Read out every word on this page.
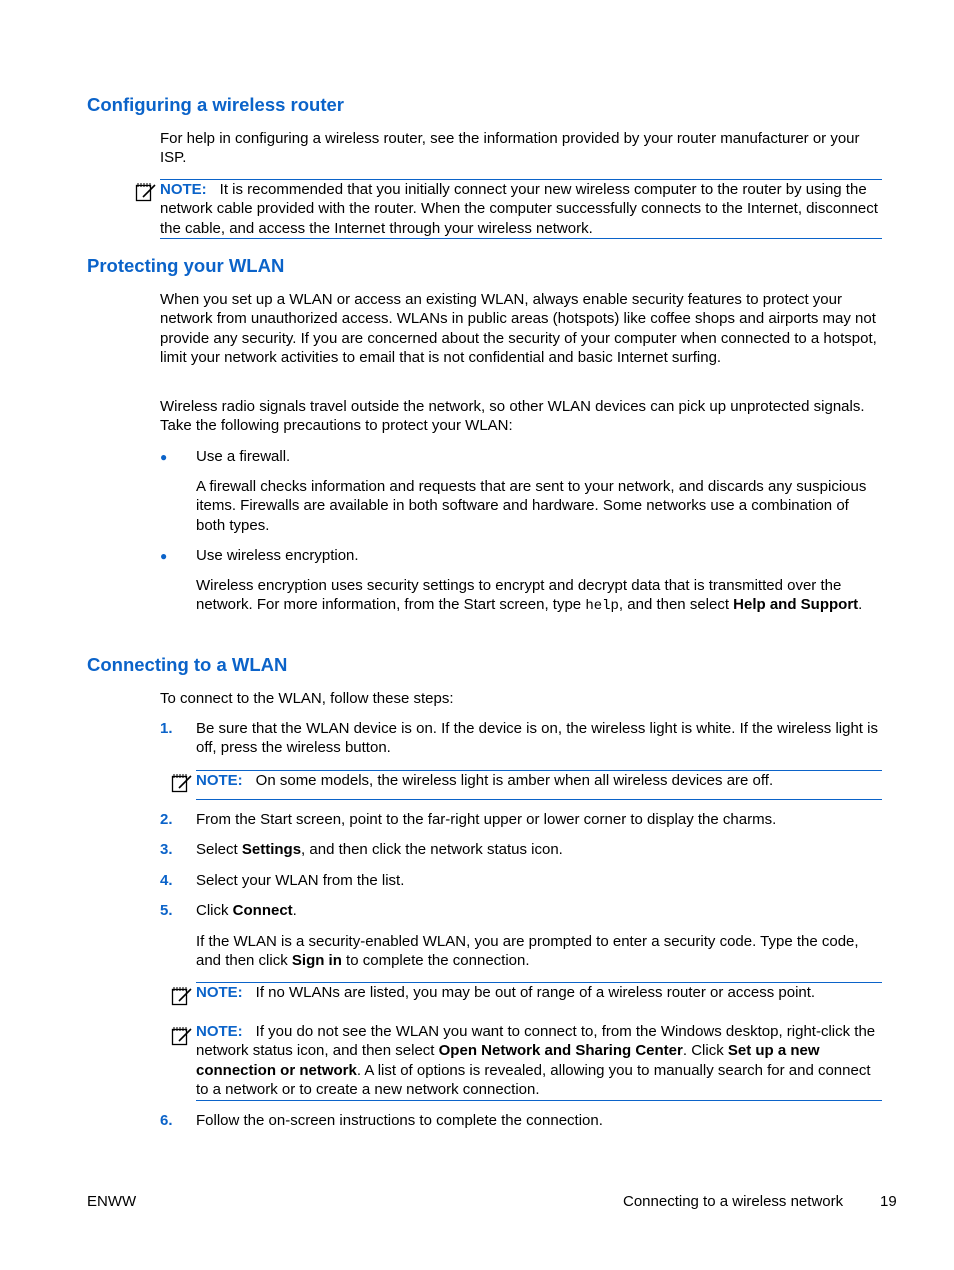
Configuring a wireless router

For help in configuring a wireless router, see the information provided by your router manufacturer or your ISP.

NOTE: It is recommended that you initially connect your new wireless computer to the router by using the network cable provided with the router. When the computer successfully connects to the Internet, disconnect the cable, and access the Internet through your wireless network.
Protecting your WLAN

When you set up a WLAN or access an existing WLAN, always enable security features to protect your network from unauthorized access. WLANs in public areas (hotspots) like coffee shops and airports may not provide any security. If you are concerned about the security of your computer when connected to a hotspot, limit your network activities to email that is not confidential and basic Internet surfing.

Wireless radio signals travel outside the network, so other WLAN devices can pick up unprotected signals. Take the following precautions to protect your WLAN:

● Use a firewall.

A firewall checks information and requests that are sent to your network, and discards any suspicious items. Firewalls are available in both software and hardware. Some networks use a combination of both types.

● Use wireless encryption.

Wireless encryption uses security settings to encrypt and decrypt data that is transmitted over the network. For more information, from the Start screen, type help, and then select Help and Support.

Connecting to a WLAN

To connect to the WLAN, follow these steps:

1. Be sure that the WLAN device is on. If the device is on, the wireless light is white. If the wireless light is off, press the wireless button.

NOTE: On some models, the wireless light is amber when all wireless devices are off.
2. From the Start screen, point to the far-right upper or lower corner to display the charms.

3. Select Settings, and then click the network status icon.

4. Select your WLAN from the list.

5. Click Connect.

If the WLAN is a security-enabled WLAN, you are prompted to enter a security code. Type the code, and then click Sign in to complete the connection.

NOTE: If no WLANs are listed, you may be out of range of a wireless router or access point.
NOTE: If you do not see the WLAN you want to connect to, from the Windows desktop, right-click the network status icon, and then select Open Network and Sharing Center. Click Set up a new connection or network. A list of options is revealed, allowing you to manually search for and connect to a network or to create a new network connection.
6. Follow the on-screen instructions to complete the connection.

ENWW	Connecting to a wireless network 19
